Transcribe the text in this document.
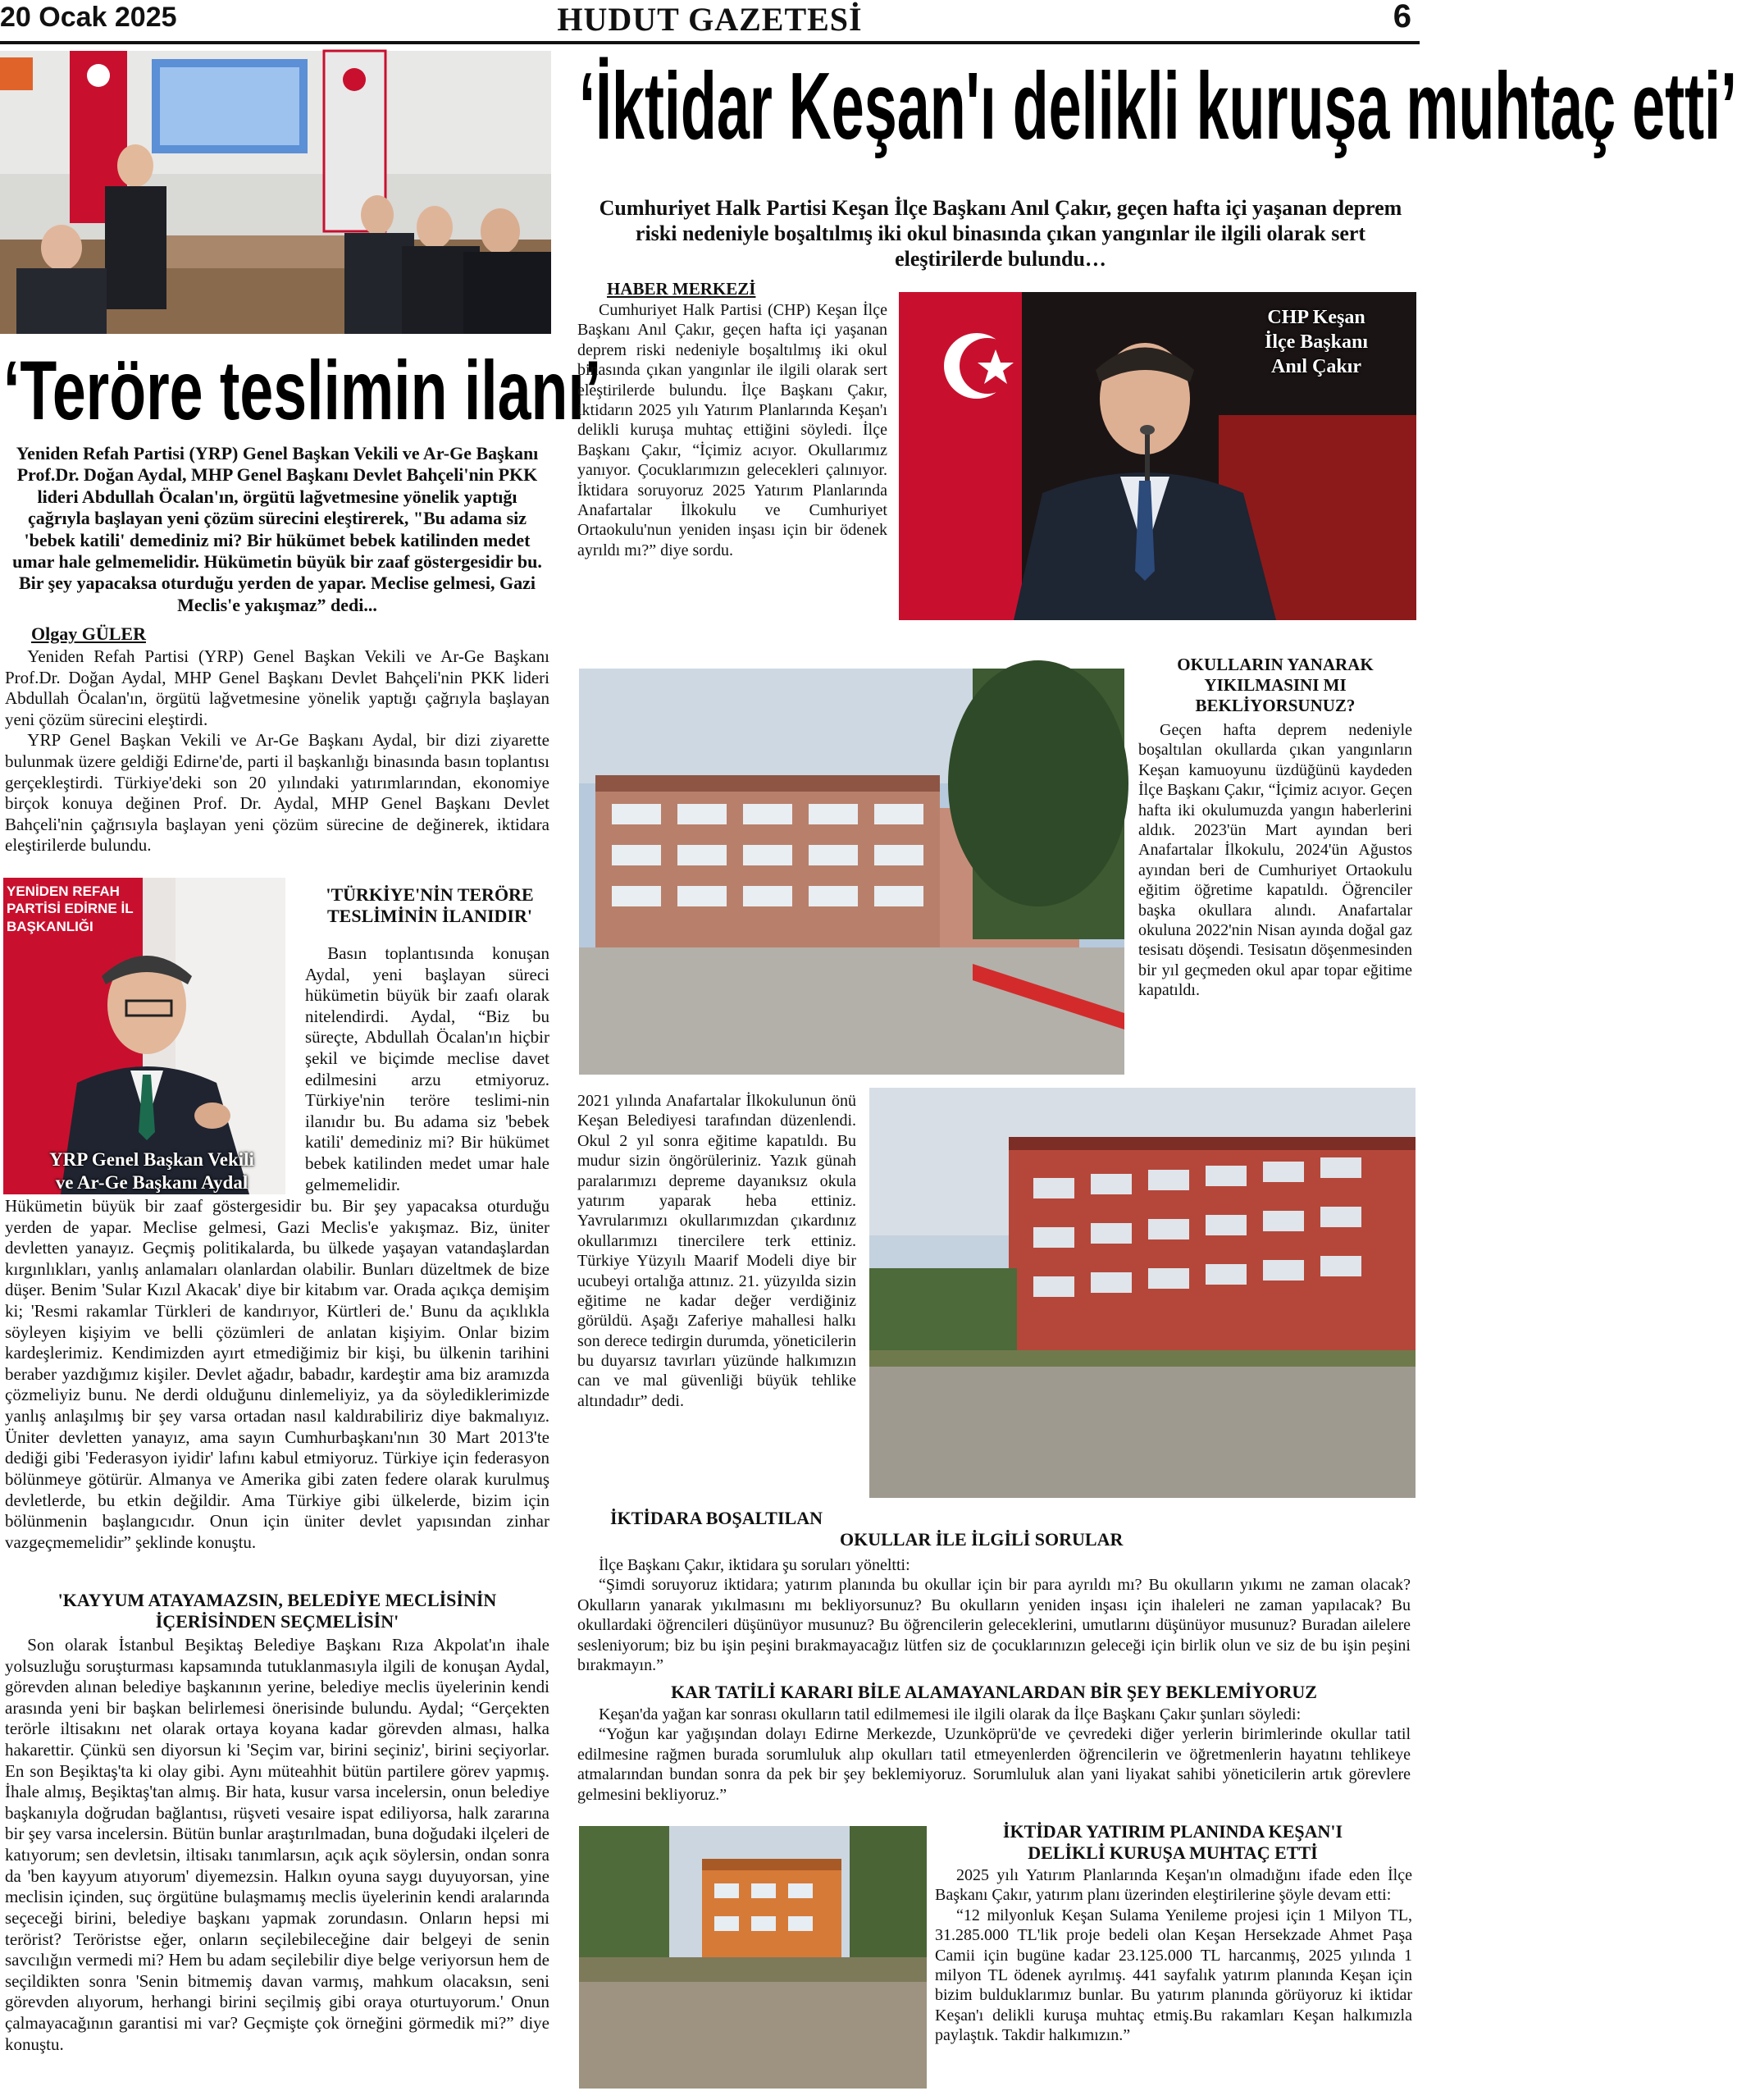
20 Ocak 2025	HUDUT GAZETESİ	6
‘Teröre teslimin ilanı’
Yeniden Refah Partisi (YRP) Genel Başkan Vekili ve Ar-Ge Başkanı Prof.Dr. Doğan Aydal, MHP Genel Başkanı Devlet Bahçeli'nin PKK lideri Abdullah Öcalan'ın, örgütü lağvetmesine yönelik yaptığı çağrıyla başlayan yeni çözüm sürecini eleştirerek, "Bu adama siz 'bebek katili' demediniz mi? Bir hükümet bebek katilinden medet umar hale gelmemelidir. Hükümetin büyük bir zaaf göstergesidir bu. Bir şey yapacaksa oturduğu yerden de yapar. Meclise gelmesi, Gazi Meclis'e yakışmaz” dedi...
Olgay GÜLER

Yeniden Refah Partisi (YRP) Genel Başkan Vekili ve Ar-Ge Başkanı Prof.Dr. Doğan Aydal, MHP Genel Başkanı Devlet Bahçeli'nin PKK lideri Abdullah Öcalan'ın, örgütü lağvetmesine yönelik yaptığı çağrıyla başlayan yeni çözüm sürecini eleştirdi.

YRP Genel Başkan Vekili ve Ar-Ge Başkanı Aydal, bir dizi ziyarette bulunmak üzere geldiği Edirne'de, parti il başkanlığı binasında basın toplantısı gerçekleştirdi. Türkiye'deki son 20 yılındaki yatırımlarından, ekonomiye birçok konuya değinen Prof. Dr. Aydal, MHP Genel Başkanı Devlet Bahçeli'nin çağrısıyla başlayan yeni çözüm sürecine de değinerek, iktidara eleştirilerde bulundu.

YENİDEN REFAH PARTİSİ EDİRNE İL BAŞKANLIĞI
YRP Genel Başkan Vekili
ve Ar-Ge Başkanı Aydal
'TÜRKİYE'NİN TERÖRE TESLİMİNİN İLANIDIR'

Basın toplantısında konuşan Aydal, yeni başlayan süreci hükümetin büyük bir zaafı olarak nitelendirdi. Aydal, “Biz bu süreçte, Abdullah Öcalan'ın hiçbir şekil ve biçimde meclise davet edilmesini arzu etmiyoruz. Türkiye'nin teröre teslimi-nin ilanıdır bu. Bu adama siz 'bebek katili' demediniz mi? Bir hükümet bebek katilinden medet umar hale gelmemelidir.

Hükümetin büyük bir zaaf göstergesidir bu. Bir şey yapacaksa oturduğu yerden de yapar. Meclise gelmesi, Gazi Meclis'e yakışmaz. Biz, üniter devletten yanayız. Geçmiş politikalarda, bu ülkede yaşayan vatandaşlardan kırgınlıkları, yanlış anlamaları olanlardan olabilir. Bunları düzeltmek de bize düşer. Benim 'Sular Kızıl Akacak' diye bir kitabım var. Orada açıkça demişim ki; 'Resmi rakamlar Türkleri de kandırıyor, Kürtleri de.' Bunu da açıklıkla söyleyen kişiyim ve belli çözümleri de anlatan kişiyim. Onlar bizim kardeşlerimiz. Kendimizden ayırt etmediğimiz bir kişi, bu ülkenin tarihini beraber yazdığımız kişiler. Devlet ağadır, babadır, kardeştir ama biz aramızda çözmeliyiz bunu. Ne derdi olduğunu dinlemeliyiz, ya da söylediklerimizde yanlış anlaşılmış bir şey varsa ortadan nasıl kaldırabiliriz diye bakmalıyız. Üniter devletten yanayız, ama sayın Cumhurbaşkanı'nın 30 Mart 2013'te dediği gibi 'Federasyon iyidir' lafını kabul etmiyoruz. Türkiye için federasyon bölünmeye götürür. Almanya ve Amerika gibi zaten federe olarak kurulmuş devletlerde, bu etkin değildir. Ama Türkiye gibi ülkelerde, bizim için bölünmenin başlangıcıdır. Onun için üniter devlet yapısından zinhar vazgeçmemelidir” şeklinde konuştu.

'KAYYUM ATAYAMAZSIN, BELEDİYE MECLİSİNİN İÇERİSİNDEN SEÇMELİSİN'

Son olarak İstanbul Beşiktaş Belediye Başkanı Rıza Akpolat'ın ihale yolsuzluğu soruşturması kapsamında tutuklanmasıyla ilgili de konuşan Aydal, görevden alınan belediye başkanının yerine, belediye meclis üyelerinin kendi arasında yeni bir başkan belirlemesi önerisinde bulundu. Aydal; “Gerçekten terörle iltisakını net olarak ortaya koyana kadar görevden alması, halka hakarettir. Çünkü sen diyorsun ki 'Seçim var, birini seçiniz', birini seçiyorlar. En son Beşiktaş'ta ki olay gibi. Aynı müteahhit bütün partilere görev yapmış. İhale almış, Beşiktaş'tan almış. Bir hata, kusur varsa incelersin, onun belediye başkanıyla doğrudan bağlantısı, rüşveti vesaire ispat ediliyorsa, halk zararına bir şey varsa incelersin. Bütün bunlar araştırılmadan, buna doğudaki ilçeleri de katıyorum; sen devletsin, iltisakı tanımlarsın, açık açık söylersin, ondan sonra da 'ben kayyum atıyorum' diyemezsin. Halkın oyuna saygı duyuyorsan, yine meclisin içinden, suç örgütüne bulaşmamış meclis üyelerinin kendi aralarında seçeceği birini, belediye başkanı yapmak zorundasın. Onların hepsi mi terörist? Teröristse eğer, onların seçilebileceğine dair belgeyi de senin savcılığın vermedi mi? Hem bu adam seçilebilir diye belge veriyorsun hem de seçildikten sonra 'Senin bitmemiş davan varmış, mahkum olacaksın, seni görevden alıyorum, herhangi birini seçilmiş gibi oraya oturtuyorum.' Onun çalmayacağının garantisi mi var? Geçmişte çok örneğini görmedik mi?” diye konuştu.

‘İktidar Keşan'ı delikli kuruşa muhtaç etti’
Cumhuriyet Halk Partisi Keşan İlçe Başkanı Anıl Çakır, geçen hafta içi yaşanan deprem riski nedeniyle boşaltılmış iki okul binasında çıkan yangınlar ile ilgili olarak sert eleştirilerde bulundu…
HABER MERKEZİ

Cumhuriyet Halk Partisi (CHP) Keşan İlçe Başkanı Anıl Çakır, geçen hafta içi yaşanan deprem riski nedeniyle boşaltılmış iki okul binasında çıkan yangınlar ile ilgili olarak sert eleştirilerde bulundu. İlçe Başkanı Çakır, iktidarın 2025 yılı Yatırım Planlarında Keşan'ı delikli kuruşa muhtaç ettiğini söyledi. İlçe Başkanı Çakır, “İçimiz acıyor. Okullarımız yanıyor. Çocuklarımızın gelecekleri çalınıyor. İktidara soruyoruz 2025 Yatırım Planlarında Anafartalar İlkokulu ve Cumhuriyet Ortaokulu'nun yeniden inşası için bir ödenek ayrıldı mı?” diye sordu.

CHP Keşan
İlçe Başkanı
Anıl Çakır
OKULLARIN YANARAK YIKILMASINI MI BEKLİYORSUNUZ?

Geçen hafta deprem nedeniyle boşaltılan okullarda çıkan yangınların Keşan kamuoyunu üzdüğünü kaydeden İlçe Başkanı Çakır, “İçimiz acıyor. Geçen hafta iki okulumuzda yangın haberlerini aldık. 2023'ün Mart ayından beri Anafartalar İlkokulu, 2024'ün Ağustos ayından beri de Cumhuriyet Ortaokulu eğitim öğretime kapatıldı. Öğrenciler başka okullara alındı. Anafartalar okuluna 2022'nin Nisan ayında doğal gaz tesisatı döşendi. Tesisatın döşenmesinden bir yıl geçmeden okul apar topar eğitime kapatıldı.

2021 yılında Anafartalar İlkokulunun önü Keşan Belediyesi tarafından düzenlendi. Okul 2 yıl sonra eğitime kapatıldı. Bu mudur sizin öngörüleriniz. Yazık günah paralarımızı depreme dayanıksız okula yatırım yaparak heba ettiniz. Yavrularımızı okullarımızdan çıkardınız okullarımızı tinercilere terk ettiniz. Türkiye Yüzyılı Maarif Modeli diye bir ucubeyi ortalığa attınız. 21. yüzyılda sizin eğitime ne kadar değer verdiğiniz görüldü. Aşağı Zaferiye mahallesi halkı son derece tedirgin durumda, yöneticilerin bu duyarsız tavırları yüzünde halkımızın can ve mal güvenliği büyük tehlike altındadır” dedi.

İKTİDARA BOŞALTILAN
OKULLAR İLE İLGİLİ SORULAR

İlçe Başkanı Çakır, iktidara şu soruları yöneltti:

“Şimdi soruyoruz iktidara; yatırım planında bu okullar için bir para ayrıldı mı? Bu okulların yıkımı ne zaman olacak? Okulların yanarak yıkılmasını mı bekliyorsunuz? Bu okulların yeniden inşası için ihaleleri ne zaman yapılacak? Bu okullardaki öğrencileri düşünüyor musunuz? Bu öğrencilerin geleceklerini, umutlarını düşünüyor musunuz? Buradan ailelere sesleniyorum; biz bu işin peşini bırakmayacağız lütfen siz de çocuklarınızın geleceği için birlik olun ve siz de bu işin peşini bırakmayın.”

KAR TATİLİ KARARI BİLE ALAMAYANLARDAN BİR ŞEY BEKLEMİYORUZ

Keşan'da yağan kar sonrası okulların tatil edilmemesi ile ilgili olarak da İlçe Başkanı Çakır şunları söyledi:

“Yoğun kar yağışından dolayı Edirne Merkezde, Uzunköprü'de ve çevredeki diğer yerlerin birimlerinde okullar tatil edilmesine rağmen burada sorumluluk alıp okulları tatil etmeyenlerden öğrencilerin ve öğretmenlerin hayatını tehlikeye atmalarından bundan sonra da pek bir şey beklemiyoruz. Sorumluluk alan yani liyakat sahibi yöneticilerin artık görevlere gelmesini bekliyoruz.”

İKTİDAR YATIRIM PLANINDA KEŞAN'I
DELİKLİ KURUŞA MUHTAÇ ETTİ

2025 yılı Yatırım Planlarında Keşan'ın olmadığını ifade eden İlçe Başkanı Çakır, yatırım planı üzerinden eleştirilerine şöyle devam etti:

“12 milyonluk Keşan Sulama Yenileme projesi için 1 Milyon TL, 31.285.000 TL'lik proje bedeli olan Keşan Hersekzade Ahmet Paşa Camii için bugüne kadar 23.125.000 TL harcanmış, 2025 yılında 1 milyon TL ödenek ayrılmış. 441 sayfalık yatırım planında Keşan için bizim bulduklarımız bunlar. Bu yatırım planında görüyoruz ki iktidar Keşan'ı delikli kuruşa muhtaç etmiş.Bu rakamları Keşan halkımızla paylaştık. Takdir halkımızın.”
